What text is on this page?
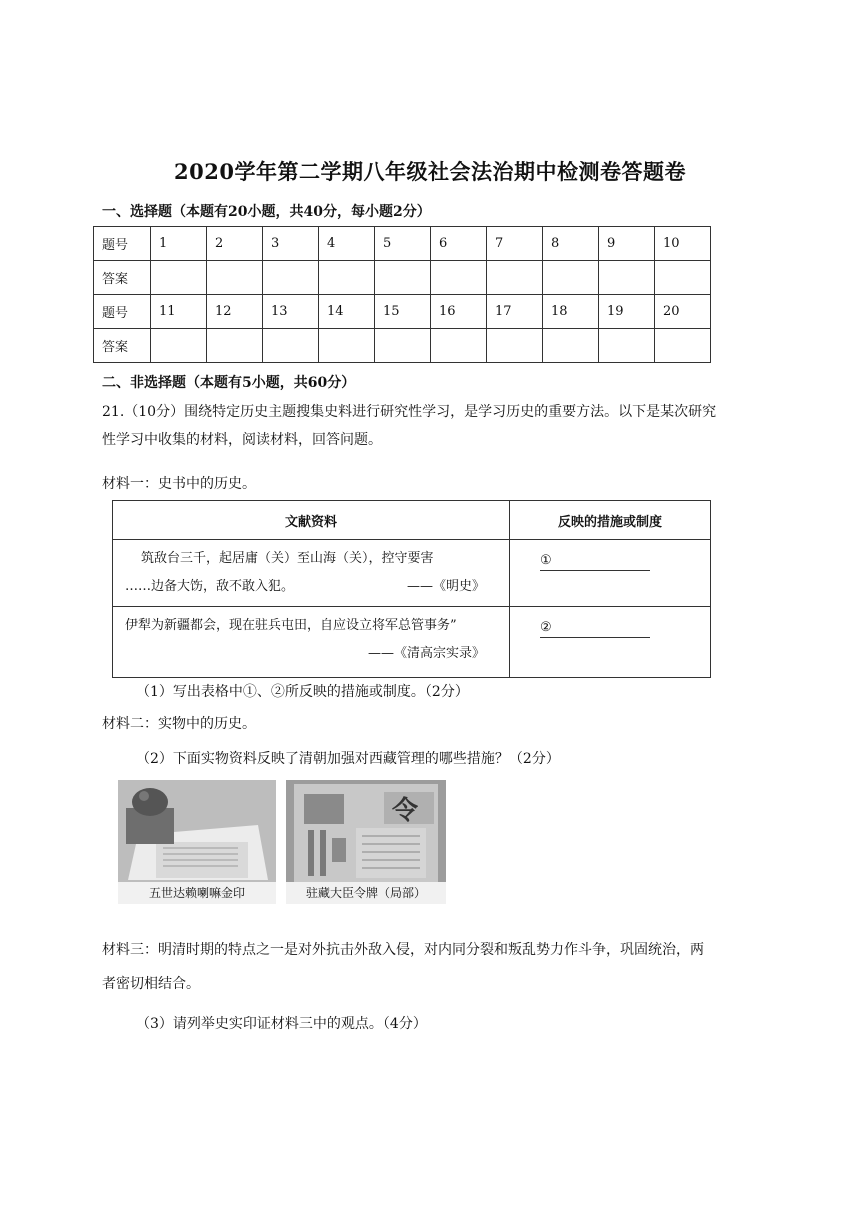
2020学年第二学期八年级社会法治期中检测卷答题卷
一、选择题（本题有20小题，共40分，每小题2分）
题号	1	2	3	4	5	6	7	8	9	10
答案										
题号	11	12	13	14	15	16	17	18	19	20
答案										
二、非选择题（本题有5小题，共60分）
21.（10分）围绕特定历史主题搜集史料进行研究性学习，是学习历史的重要方法。以下是某次研究
性学习中收集的材料，阅读材料，回答问题。
材料一：史书中的历史。
文献资料	反映的措施或制度

筑敌台三千，起居庸（关）至山海（关），控守要害
……边备大饬，敌不敢入犯。 ——《明史》	①

伊犁为新疆都会，现在驻兵屯田，自应设立将军总管事务”
——《清高宗实录》	②
（1）写出表格中①、②所反映的措施或制度。（2分）
材料二：实物中的历史。
（2）下面实物资料反映了清朝加强对西藏管理的哪些措施？（2分）
五世达赖喇嘛金印
令
驻藏大臣令牌（局部）
材料三：明清时期的特点之一是对外抗击外敌入侵，对内同分裂和叛乱势力作斗争，巩固统治，两
者密切相结合。
（3）请列举史实印证材料三中的观点。（4分）
